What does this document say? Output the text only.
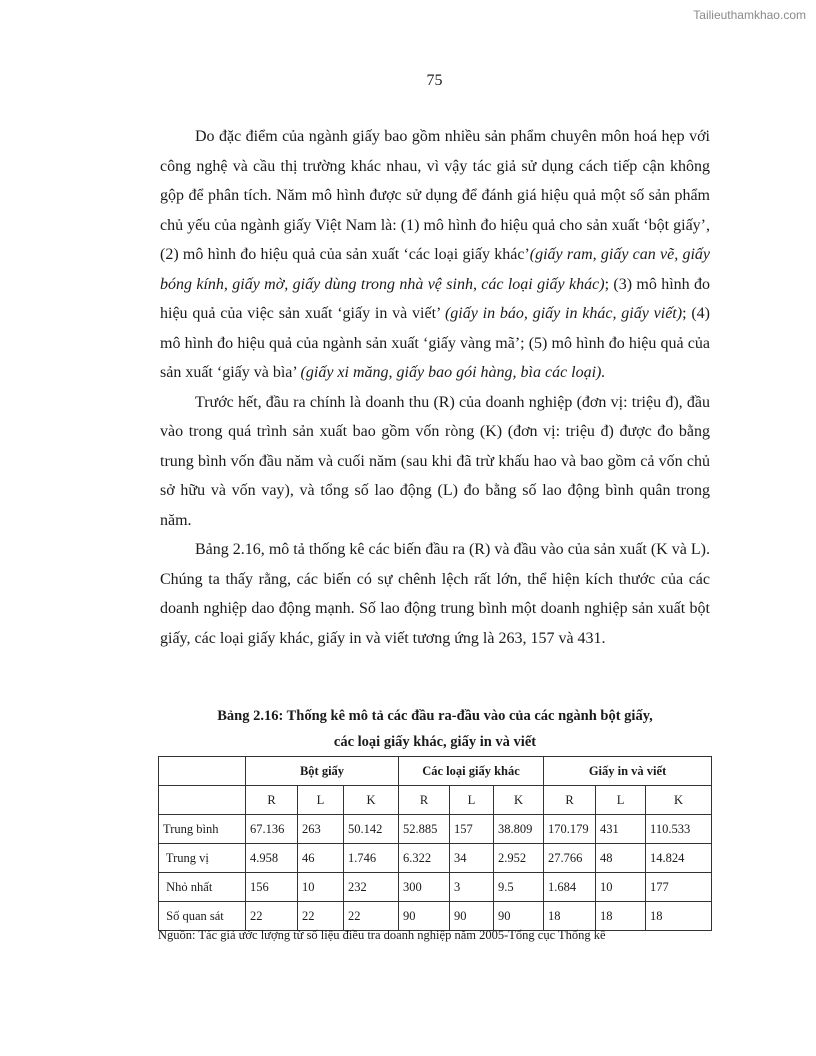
Tailieuthamkhao.com
75

Do đặc điểm của ngành giấy bao gồm nhiều sản phẩm chuyên môn hoá hẹp với công nghệ và cầu thị trường khác nhau, vì vậy tác giả sử dụng cách tiếp cận không gộp để phân tích. Năm mô hình được sử dụng để đánh giá hiệu quả một số sản phẩm chủ yếu của ngành giấy Việt Nam là: (1) mô hình đo hiệu quả cho sản xuất ‘bột giấy’, (2) mô hình đo hiệu quả của sản xuất ‘các loại giấy khác’(giấy ram, giấy can vẽ, giấy bóng kính, giấy mờ, giấy dùng trong nhà vệ sinh, các loại giấy khác); (3) mô hình đo hiệu quả của việc sản xuất ‘giấy in và viết’ (giấy in báo, giấy in khác, giấy viết); (4) mô hình đo hiệu quả của ngành sản xuất ‘giấy vàng mã’; (5) mô hình đo hiệu quả của sản xuất ‘giấy và bìa’ (giấy xi măng, giấy bao gói hàng, bìa các loại).

Trước hết, đầu ra chính là doanh thu (R) của doanh nghiệp (đơn vị: triệu đ), đầu vào trong quá trình sản xuất bao gồm vốn ròng (K) (đơn vị: triệu đ) được đo bằng trung bình vốn đầu năm và cuối năm (sau khi đã trừ khấu hao và bao gồm cả vốn chủ sở hữu và vốn vay), và tổng số lao động (L) đo bằng số lao động bình quân trong năm.

Bảng 2.16, mô tả thống kê các biến đầu ra (R) và đầu vào của sản xuất (K và L). Chúng ta thấy rằng, các biến có sự chênh lệch rất lớn, thể hiện kích thước của các doanh nghiệp dao động mạnh. Số lao động trung bình một doanh nghiệp sản xuất bột giấy, các loại giấy khác, giấy in và viết tương ứng là 263, 157 và 431.

Bảng 2.16: Thống kê mô tả các đầu ra-đầu vào của các ngành bột giấy,
các loại giấy khác, giấy in và viết
	Bột giấy			Các loại giấy khác			Giấy in và viết		
	R	L	K	R	L	K	R	L	K
Trung bình	67.136	263	50.142	52.885	157	38.809	170.179	431	110.533
Trung vị	4.958	46	1.746	6.322	34	2.952	27.766	48	14.824
Nhỏ nhất	156	10	232	300	3	9.5	1.684	10	177
Số quan sát	22	22	22	90	90	90	18	18	18
Nguồn: Tác giả ước lượng từ số liệu điều tra doanh nghiệp năm 2005-Tổng cục Thống kê
